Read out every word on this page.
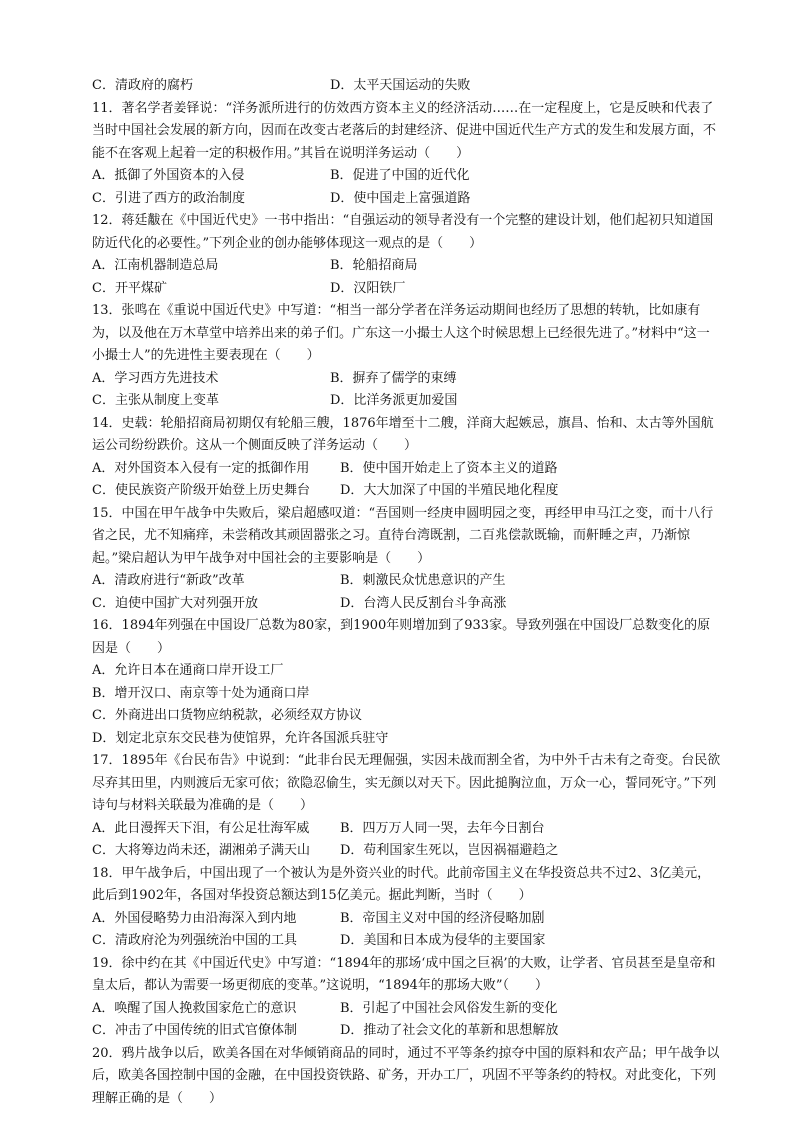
C．清政府的腐朽	D．太平天国运动的失败

11．著名学者姜铎说：“洋务派所进行的仿效西方资本主义的经济活动……在一定程度上，它是反映和代表了当时中国社会发展的新方向，因而在改变古老落后的封建经济、促进中国近代生产方式的发生和发展方面，不能不在客观上起着一定的积极作用。”其旨在说明洋务运动（　　）

A．抵御了外国资本的入侵	B．促进了中国的近代化
C．引进了西方的政治制度	D．使中国走上富强道路

12．蒋廷黻在《中国近代史》一书中指出：“自强运动的领导者没有一个完整的建设计划，他们起初只知道国防近代化的必要性。”下列企业的创办能够体现这一观点的是（　　）

A．江南机器制造总局	B．轮船招商局
C．开平煤矿	D．汉阳铁厂

13．张鸣在《重说中国近代史》中写道：“相当一部分学者在洋务运动期间也经历了思想的转轨，比如康有为，以及他在万木草堂中培养出来的弟子们。广东这一小撮士人这个时候思想上已经很先进了。”材料中“这一小撮士人”的先进性主要表现在（　　）

A．学习西方先进技术	B．摒弃了儒学的束缚
C．主张从制度上变革	D．比洋务派更加爱国

14．史载：轮船招商局初期仅有轮船三艘，1876年增至十二艘，洋商大起嫉忌，旗昌、怡和、太古等外国航运公司纷纷跌价。这从一个侧面反映了洋务运动（　　）

A．对外国资本入侵有一定的抵御作用	B．使中国开始走上了资本主义的道路
C．使民族资产阶级开始登上历史舞台	D．大大加深了中国的半殖民地化程度

15．中国在甲午战争中失败后，梁启超感叹道：“吾国则一经庚申圆明园之变，再经甲申马江之变，而十八行省之民，尤不知痛痒，未尝稍改其顽固嚣张之习。直待台湾既割，二百兆偿款既输，而鼾睡之声，乃渐惊起。”梁启超认为甲午战争对中国社会的主要影响是（　　）

A．清政府进行“新政”改革	B．刺激民众忧患意识的产生
C．迫使中国扩大对列强开放	D．台湾人民反割台斗争高涨

16．1894年列强在中国设厂总数为80家，到1900年则增加到了933家。导致列强在中国设厂总数变化的原因是（　　）

A．允许日本在通商口岸开设工厂
B．增开汉口、南京等十处为通商口岸
C．外商进出口货物应纳税款，必须经双方协议
D．划定北京东交民巷为使馆界，允许各国派兵驻守

17．1895年《台民布告》中说到：“此非台民无理倔强，实因未战而割全省，为中外千古未有之奇变。台民欲尽弃其田里，内则渡后无家可依；欲隐忍偷生，实无颜以对天下。因此搥胸泣血，万众一心，誓同死守。”下列诗句与材料关联最为准确的是（　　）

A．此日漫挥天下泪，有公足壮海军威	B．四万万人同一哭，去年今日割台
C．大将筹边尚未还，湖湘弟子满天山	D．苟利国家生死以，岂因祸福避趋之

18．甲午战争后，中国出现了一个被认为是外资兴业的时代。此前帝国主义在华投资总共不过2、3亿美元，此后到1902年，各国对华投资总额达到15亿美元。据此判断，当时（　　）

A．外国侵略势力由沿海深入到内地	B．帝国主义对中国的经济侵略加剧
C．清政府沦为列强统治中国的工具	D．美国和日本成为侵华的主要国家

19．徐中约在其《中国近代史》中写道：“1894年的那场‘成中国之巨祸’的大败，让学者、官员甚至是皇帝和皇太后，都认为需要一场更彻底的变革。”这说明，“1894年的那场大败”（　　）

A．唤醒了国人挽救国家危亡的意识	B．引起了中国社会风俗发生新的变化
C．冲击了中国传统的旧式官僚体制	D．推动了社会文化的革新和思想解放

20．鸦片战争以后，欧美各国在对华倾销商品的同时，通过不平等条约掠夺中国的原料和农产品；甲午战争以后，欧美各国控制中国的金融，在中国投资铁路、矿务，开办工厂，巩固不平等条约的特权。对此变化，下列理解正确的是（　　）
